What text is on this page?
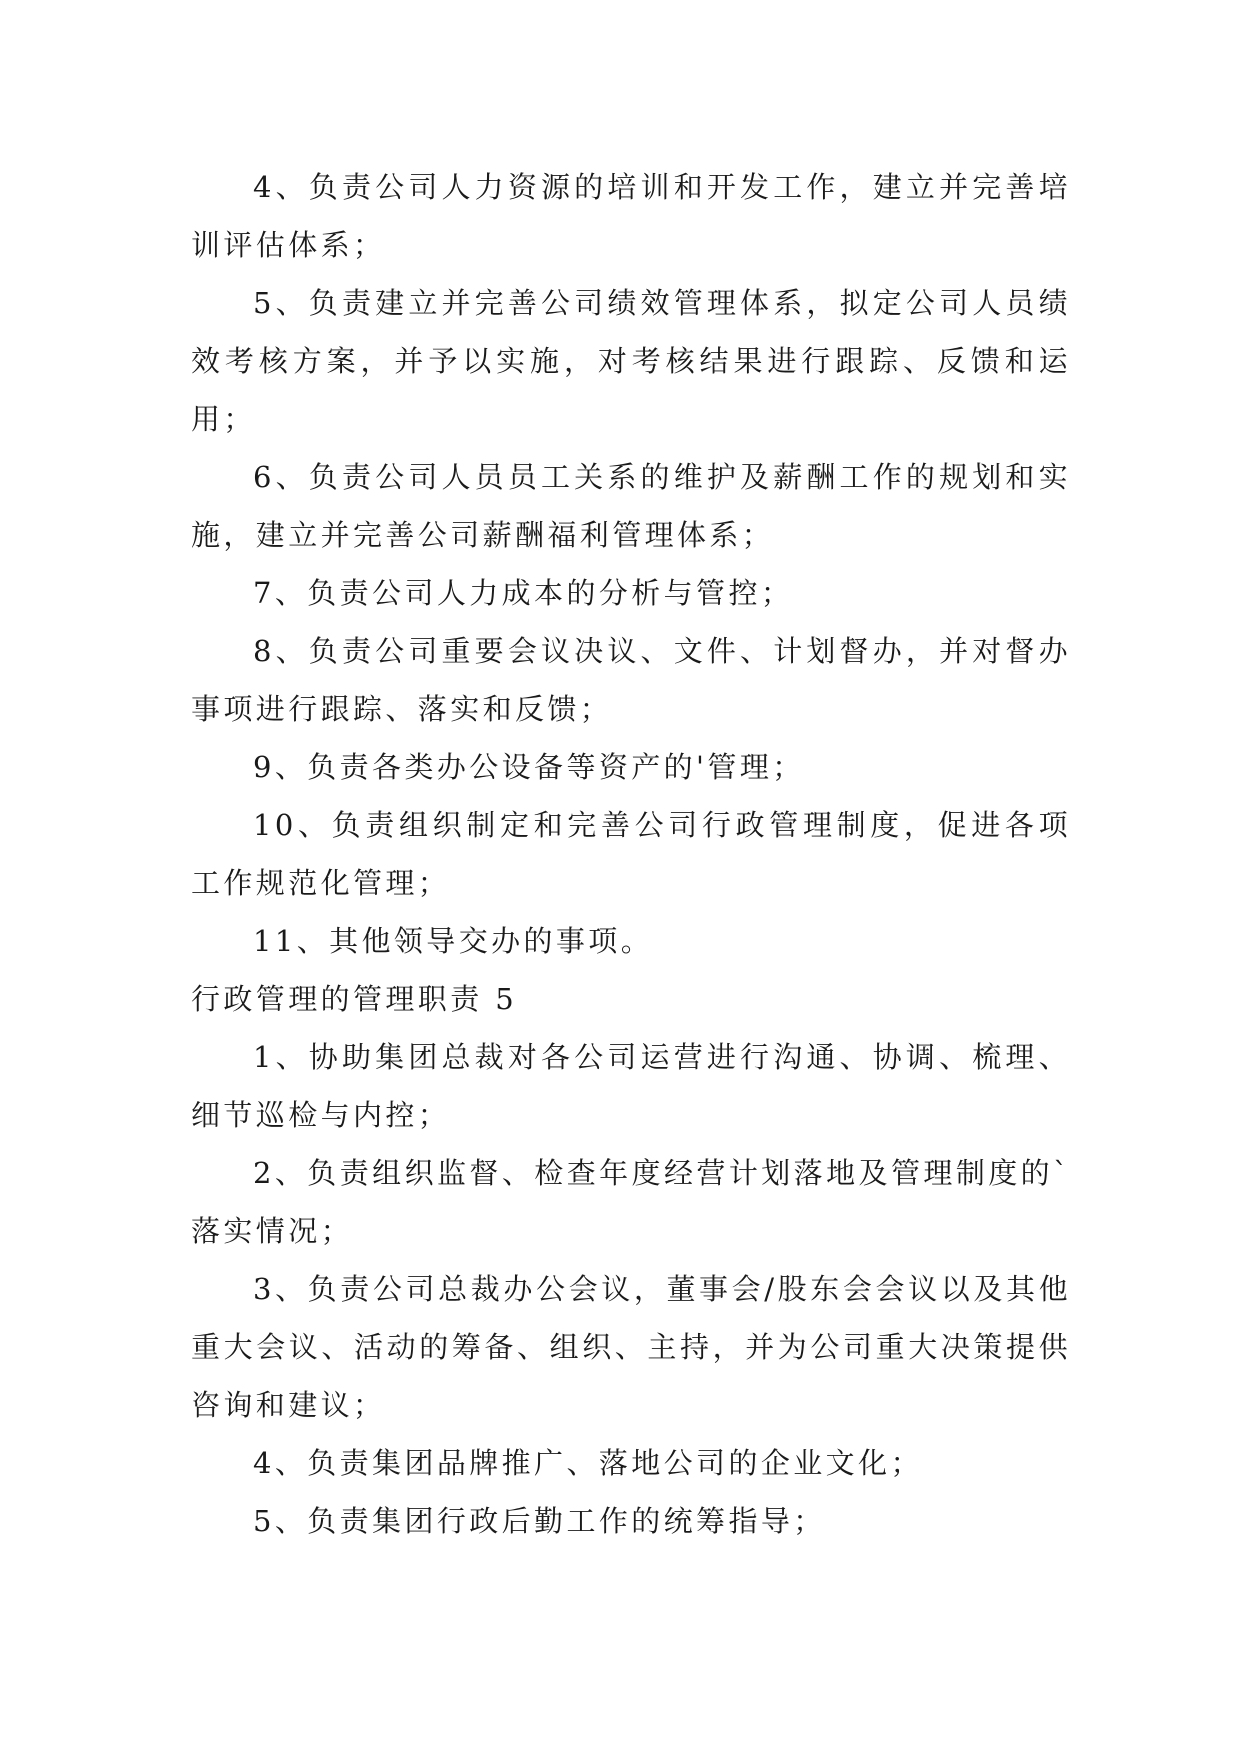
4、负责公司人力资源的培训和开发工作，建立并完善培训评估体系；

5、负责建立并完善公司绩效管理体系，拟定公司人员绩效考核方案，并予以实施，对考核结果进行跟踪、反馈和运用；

6、负责公司人员员工关系的维护及薪酬工作的规划和实施，建立并完善公司薪酬福利管理体系；

7、负责公司人力成本的分析与管控；

8、负责公司重要会议决议、文件、计划督办，并对督办事项进行跟踪、落实和反馈；

9、负责各类办公设备等资产的'管理；

10、负责组织制定和完善公司行政管理制度，促进各项工作规范化管理；

11、其他领导交办的事项。

行政管理的管理职责 5

1、协助集团总裁对各公司运营进行沟通、协调、梳理、细节巡检与内控；

2、负责组织监督、检查年度经营计划落地及管理制度的`落实情况；

3、负责公司总裁办公会议，董事会/股东会会议以及其他重大会议、活动的筹备、组织、主持，并为公司重大决策提供咨询和建议；

4、负责集团品牌推广、落地公司的企业文化；

5、负责集团行政后勤工作的统筹指导；
